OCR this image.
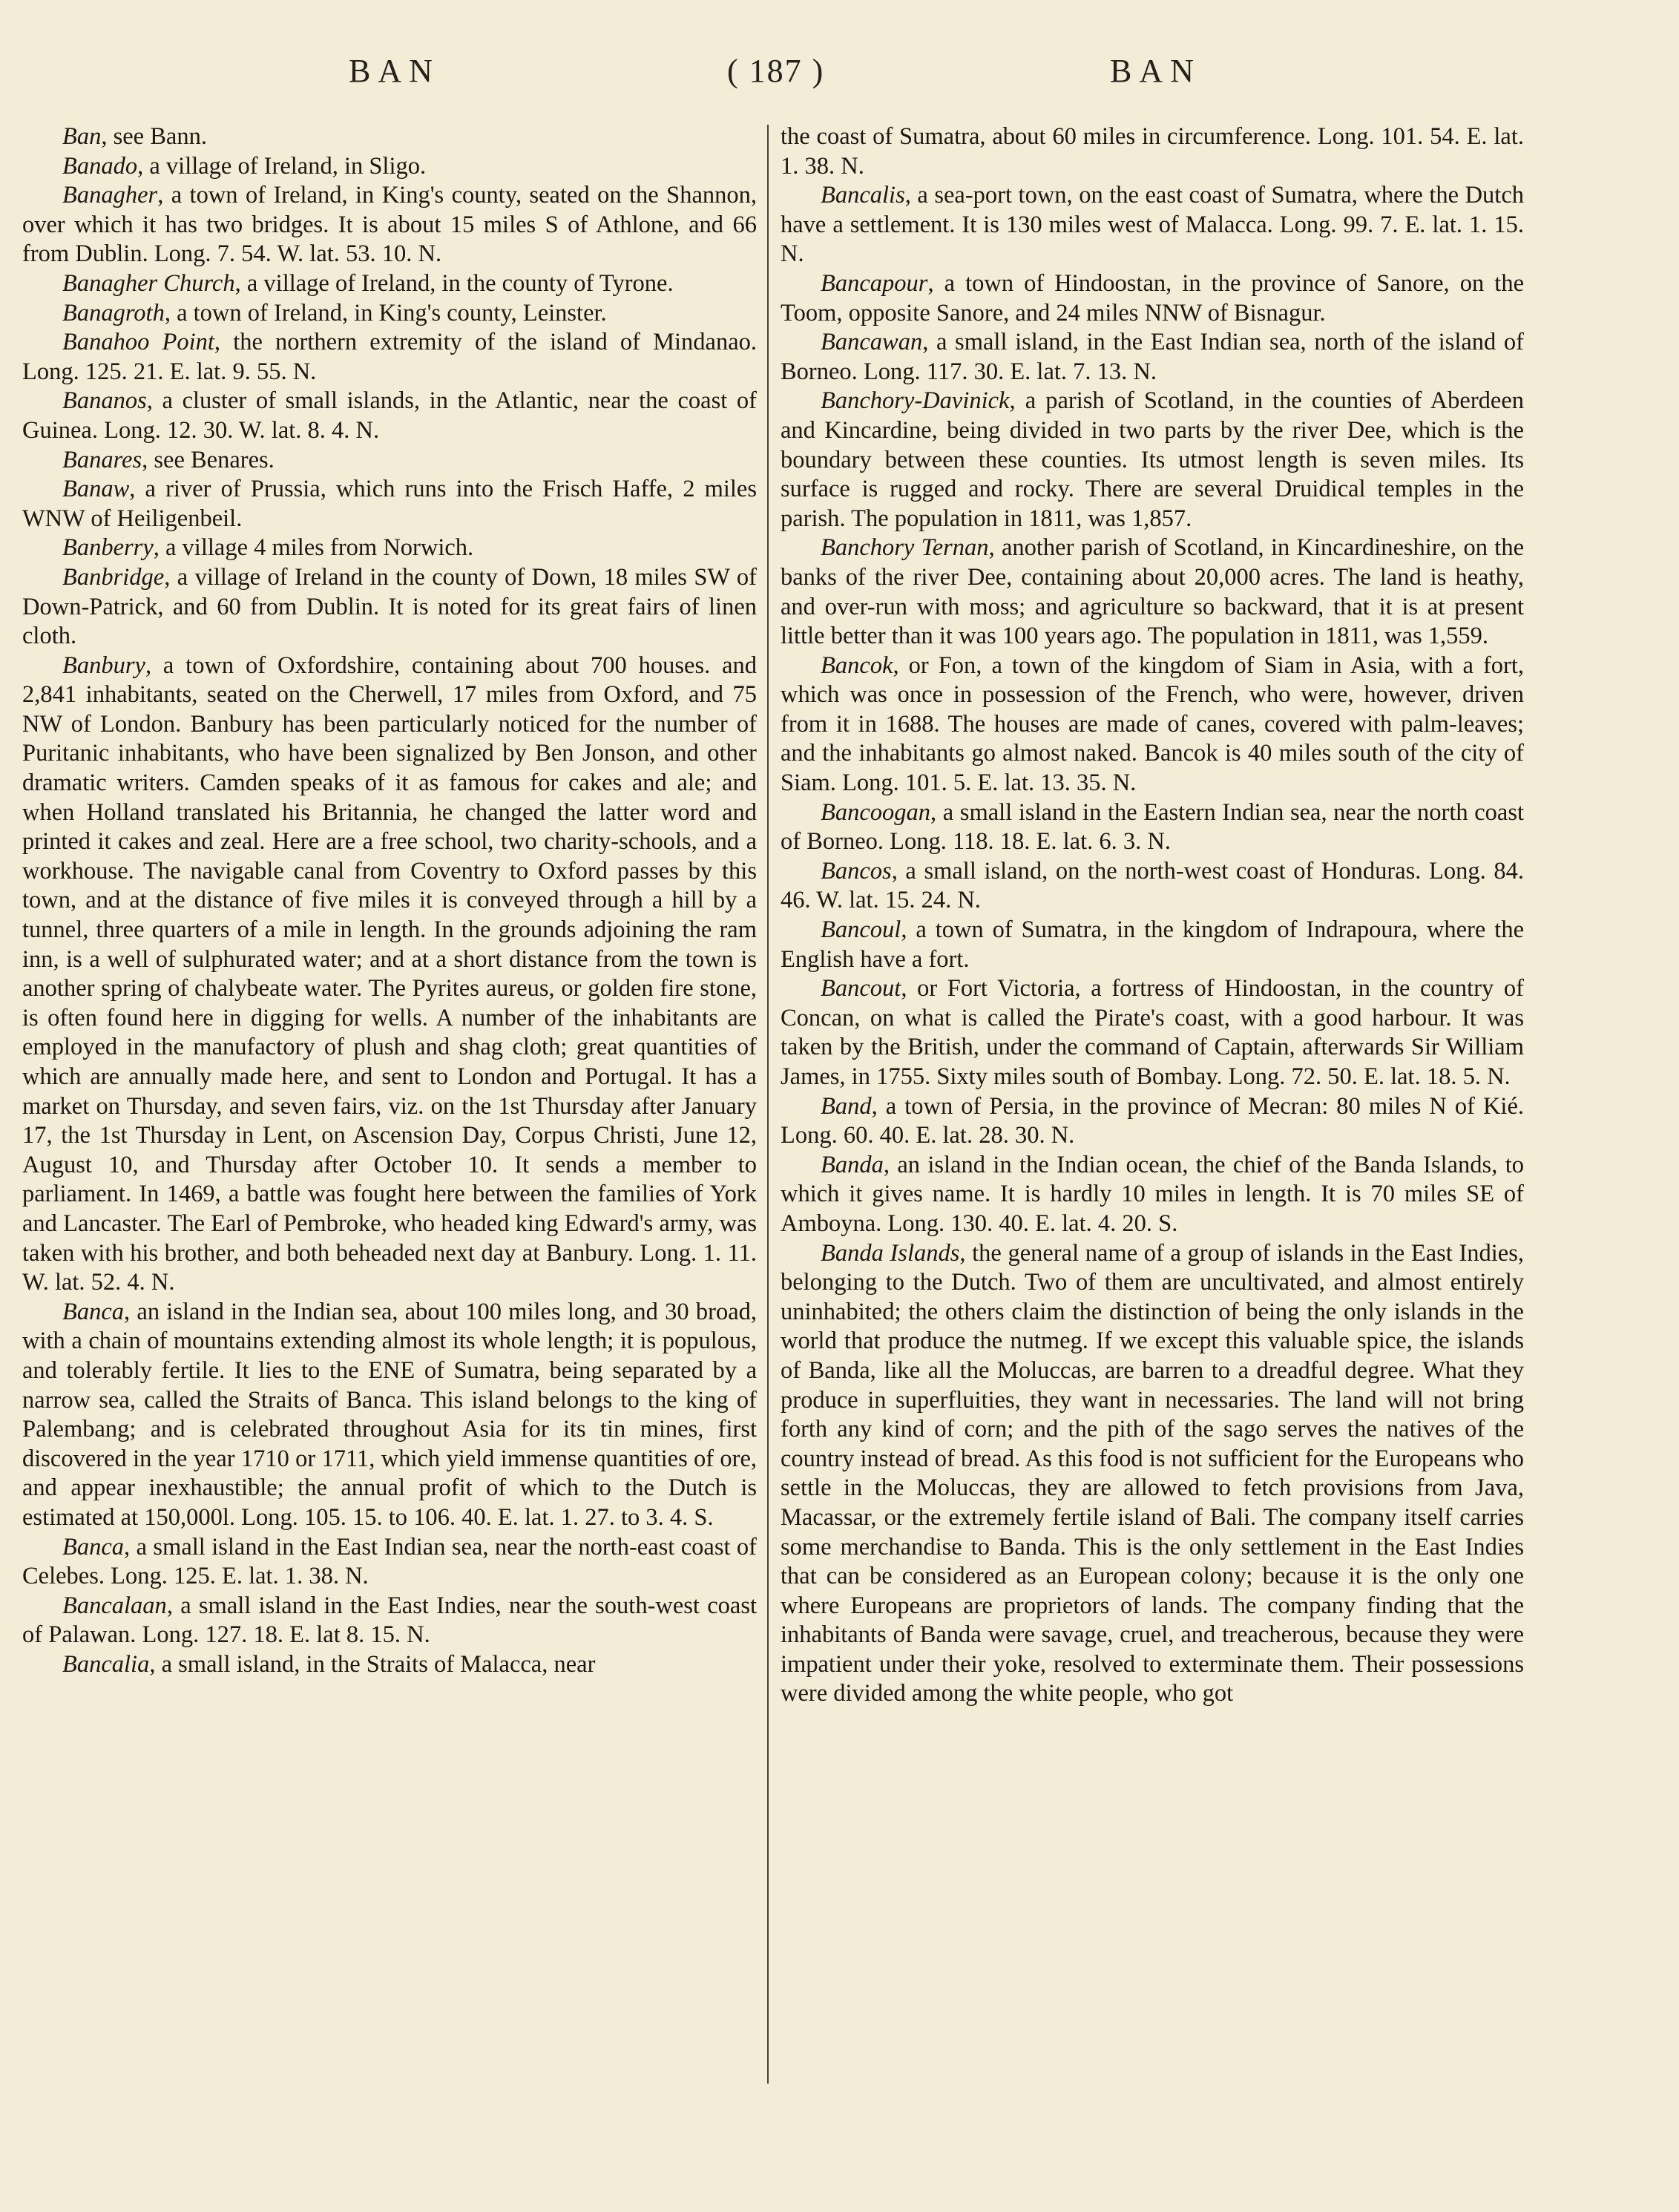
BAN	( 187 )	BAN

Ban, see Bann.

Banado, a village of Ireland, in Sligo.

Banagher, a town of Ireland, in King's county, seated on the Shannon, over which it has two bridges. It is about 15 miles S of Athlone, and 66 from Dublin. Long. 7. 54. W. lat. 53. 10. N.

Banagher Church, a village of Ireland, in the county of Tyrone.

Banagroth, a town of Ireland, in King's county, Leinster.

Banahoo Point, the northern extremity of the island of Mindanao. Long. 125. 21. E. lat. 9. 55. N.

Bananos, a cluster of small islands, in the Atlantic, near the coast of Guinea. Long. 12. 30. W. lat. 8. 4. N.

Banares, see Benares.

Banaw, a river of Prussia, which runs into the Frisch Haffe, 2 miles WNW of Heiligenbeil.

Banberry, a village 4 miles from Norwich.

Banbridge, a village of Ireland in the county of Down, 18 miles SW of Down-Patrick, and 60 from Dublin. It is noted for its great fairs of linen cloth.

Banbury, a town of Oxfordshire, containing about 700 houses. and 2,841 inhabitants, seated on the Cherwell, 17 miles from Oxford, and 75 NW of London. Banbury has been particularly noticed for the number of Puritanic inhabitants, who have been signalized by Ben Jonson, and other dramatic writers. Camden speaks of it as famous for cakes and ale; and when Holland translated his Britannia, he changed the latter word and printed it cakes and zeal. Here are a free school, two charity-schools, and a workhouse. The navigable canal from Coventry to Oxford passes by this town, and at the distance of five miles it is conveyed through a hill by a tunnel, three quarters of a mile in length. In the grounds adjoining the ram inn, is a well of sulphurated water; and at a short distance from the town is another spring of chalybeate water. The Pyrites aureus, or golden fire stone, is often found here in digging for wells. A number of the inhabitants are employed in the manufactory of plush and shag cloth; great quantities of which are annually made here, and sent to London and Portugal. It has a market on Thursday, and seven fairs, viz. on the 1st Thursday after January 17, the 1st Thursday in Lent, on Ascension Day, Corpus Christi, June 12, August 10, and Thursday after October 10. It sends a member to parliament. In 1469, a battle was fought here between the families of York and Lancaster. The Earl of Pembroke, who headed king Edward's army, was taken with his brother, and both beheaded next day at Banbury. Long. 1. 11. W. lat. 52. 4. N.

Banca, an island in the Indian sea, about 100 miles long, and 30 broad, with a chain of mountains extending almost its whole length; it is populous, and tolerably fertile. It lies to the ENE of Sumatra, being separated by a narrow sea, called the Straits of Banca. This island belongs to the king of Palembang; and is celebrated throughout Asia for its tin mines, first discovered in the year 1710 or 1711, which yield immense quantities of ore, and appear inexhaustible; the annual profit of which to the Dutch is estimated at 150,000l. Long. 105. 15. to 106. 40. E. lat. 1. 27. to 3. 4. S.

Banca, a small island in the East Indian sea, near the north-east coast of Celebes. Long. 125. E. lat. 1. 38. N.

Bancalaan, a small island in the East Indies, near the south-west coast of Palawan. Long. 127. 18. E. lat 8. 15. N.

Bancalia, a small island, in the Straits of Malacca, near

the coast of Sumatra, about 60 miles in circumference. Long. 101. 54. E. lat. 1. 38. N.

Bancalis, a sea-port town, on the east coast of Sumatra, where the Dutch have a settlement. It is 130 miles west of Malacca. Long. 99. 7. E. lat. 1. 15. N.

Bancapour, a town of Hindoostan, in the province of Sanore, on the Toom, opposite Sanore, and 24 miles NNW of Bisnagur.

Bancawan, a small island, in the East Indian sea, north of the island of Borneo. Long. 117. 30. E. lat. 7. 13. N.

Banchory-Davinick, a parish of Scotland, in the counties of Aberdeen and Kincardine, being divided in two parts by the river Dee, which is the boundary between these counties. Its utmost length is seven miles. Its surface is rugged and rocky. There are several Druidical temples in the parish. The population in 1811, was 1,857.

Banchory Ternan, another parish of Scotland, in Kincardineshire, on the banks of the river Dee, containing about 20,000 acres. The land is heathy, and over-run with moss; and agriculture so backward, that it is at present little better than it was 100 years ago. The population in 1811, was 1,559.

Bancok, or Fon, a town of the kingdom of Siam in Asia, with a fort, which was once in possession of the French, who were, however, driven from it in 1688. The houses are made of canes, covered with palm-leaves; and the inhabitants go almost naked. Bancok is 40 miles south of the city of Siam. Long. 101. 5. E. lat. 13. 35. N.

Bancoogan, a small island in the Eastern Indian sea, near the north coast of Borneo. Long. 118. 18. E. lat. 6. 3. N.

Bancos, a small island, on the north-west coast of Honduras. Long. 84. 46. W. lat. 15. 24. N.

Bancoul, a town of Sumatra, in the kingdom of Indrapoura, where the English have a fort.

Bancout, or Fort Victoria, a fortress of Hindoostan, in the country of Concan, on what is called the Pirate's coast, with a good harbour. It was taken by the British, under the command of Captain, afterwards Sir William James, in 1755. Sixty miles south of Bombay. Long. 72. 50. E. lat. 18. 5. N.

Band, a town of Persia, in the province of Mecran: 80 miles N of Kié. Long. 60. 40. E. lat. 28. 30. N.

Banda, an island in the Indian ocean, the chief of the Banda Islands, to which it gives name. It is hardly 10 miles in length. It is 70 miles SE of Amboyna. Long. 130. 40. E. lat. 4. 20. S.

Banda Islands, the general name of a group of islands in the East Indies, belonging to the Dutch. Two of them are uncultivated, and almost entirely uninhabited; the others claim the distinction of being the only islands in the world that produce the nutmeg. If we except this valuable spice, the islands of Banda, like all the Moluccas, are barren to a dreadful degree. What they produce in superfluities, they want in necessaries. The land will not bring forth any kind of corn; and the pith of the sago serves the natives of the country instead of bread. As this food is not sufficient for the Europeans who settle in the Moluccas, they are allowed to fetch provisions from Java, Macassar, or the extremely fertile island of Bali. The company itself carries some merchandise to Banda. This is the only settlement in the East Indies that can be considered as an European colony; because it is the only one where Europeans are proprietors of lands. The company finding that the inhabitants of Banda were savage, cruel, and treacherous, because they were impatient under their yoke, resolved to exterminate them. Their possessions were divided among the white people, who got
